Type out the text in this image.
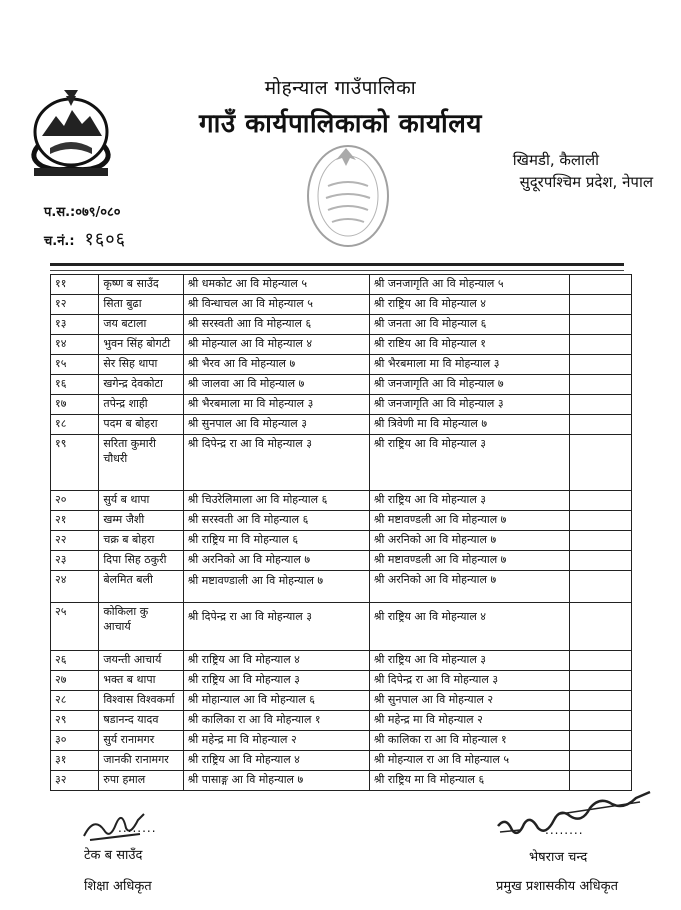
मोहन्याल गाउँपालिका
गाउँ कार्यपालिकाको कार्यालय
खिमडी, कैलाली
सुदूरपश्चिम प्रदेश, नेपाल
प.स.:०७९/०८०
च.नं.: १६०६
११	कृष्ण ब साउँद	श्री धमकोट आ वि मोहन्याल ५	श्री जनजागृति आ वि मोहन्याल ५	
१२	सिता बुढा	श्री विन्धाचल आ वि मोहन्याल ५	श्री राष्ट्रिय आ वि मोहन्याल ४	
१३	जय बटाला	श्री सरस्वती आा वि मोहन्याल ६	श्री जनता आ वि मोहन्याल ६	
१४	भुवन सिंह बोगटी	श्री मोहन्याल आ वि मोहन्याल ४	श्री राष्टिय आ वि मोहन्याल १	
१५	सेर सिह थापा	श्री भैरव आ वि मोहन्याल ७	श्री भैरबमाला मा वि मोहन्याल ३	
१६	खगेन्द्र देवकोटा	श्री जालवा आ वि मोहन्याल ७	श्री जनजागृति आ वि मोहन्याल ७	
१७	तपेन्द्र शाही	श्री भैरबमाला मा वि मोहन्याल ३	श्री जनजागृति आ वि मोहन्याल ३	
१८	पदम ब बोहरा	श्री सुनपाल आ वि मोहन्याल ३	श्री त्रिवेणी मा वि मोहन्याल ७	
१९	सरिता कुमारी चौधरी	श्री दिपेन्द्र रा आ वि मोहन्याल ३	श्री राष्ट्रिय आ वि मोहन्याल ३	
२०	सुर्य ब थापा	श्री चिउरेलिमाला आ वि मोहन्याल ६	श्री राष्ट्रिय आ वि मोहन्याल ३	
२१	खम्म जैशी	श्री सरस्वती आ वि मोहन्याल ६	श्री मष्टावण्डली आ वि मोहन्याल ७	
२२	चक्र ब बोहरा	श्री राष्ट्रिय मा वि मोहन्याल ६	श्री अरनिको आ वि मोहन्याल ७	
२३	दिपा सिह ठकुरी	श्री अरनिको आ वि मोहन्याल ७	श्री मष्टावण्डली आ वि मोहन्याल ७	
२४	बेलमित बली	श्री मष्टावण्डाली आ वि मोहन्याल ७	श्री अरनिको आ वि मोहन्याल ७	
२५	कोकिला कु आचार्य	श्री दिपेन्द्र रा आ वि मोहन्याल ३	श्री राष्ट्रिय आ वि मोहन्याल ४	
२६	जयन्ती आचार्य	श्री राष्ट्रिय आ वि मोहन्याल ४	श्री राष्ट्रिय आ वि मोहन्याल ३	
२७	भक्त ब थापा	श्री राष्ट्रिय आ वि मोहन्याल ३	श्री दिपेन्द्र रा आ वि मोहन्याल ३	
२८	विश्वास विश्वकर्मा	श्री मोहान्याल आ वि मोहन्याल ६	श्री सुनपाल आ वि मोहन्याल २	
२९	षडानन्द यादव	श्री कालिका रा आ वि मोहन्याल १	श्री महेन्द्र मा वि मोहन्याल २	
३०	सुर्य रानामगर	श्री महेन्द्र मा वि मोहन्याल २	श्री कालिका रा आ वि मोहन्याल १	
३१	जानकी रानामगर	श्री राष्ट्रिय आ वि मोहन्याल ४	श्री मोहन्याल रा आ वि मोहन्याल ५	
३२	रुपा हमाल	श्री पासाङ्ग आ वि मोहन्याल ७	श्री राष्ट्रिय मा वि मोहन्याल ६	
........
टेक ब साउँद
शिक्षा अधिकृत
........
भेषराज चन्द
प्रमुख प्रशासकीय अधिकृत
